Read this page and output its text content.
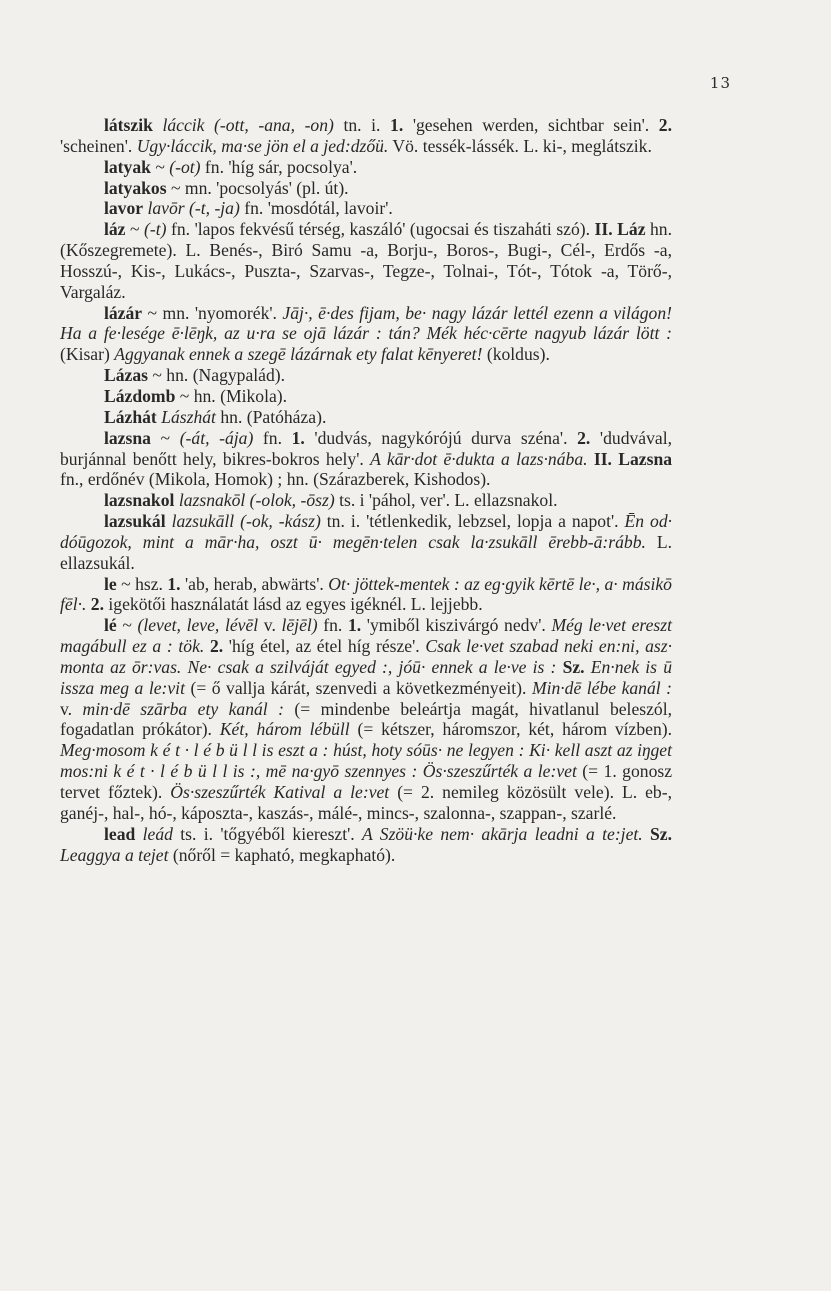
13

látszik láccik (-ott, -ana, -on) tn. i. 1. 'gesehen werden, sichtbar sein'. 2. 'scheinen'. Ugy·láccik, ma·se jön el a jed:dzőü. Vö. tessék-lássék. L. ki-, meglátszik.

latyak ~ (-ot) fn. 'híg sár, pocsolya'.

latyakos ~ mn. 'pocsolyás' (pl. út).

lavor lavōr (-t, -ja) fn. 'mosdótál, lavoir'.

láz ~ (-t) fn. 'lapos fekvésű térség, kaszáló' (ugocsai és tiszaháti szó). II. Láz hn. (Kőszegremete). L. Benés-, Biró Samu -a, Borju-, Boros-, Bugi-, Cél-, Erdős -a, Hosszú-, Kis-, Lukács-, Puszta-, Szarvas-, Tegze-, Tolnai-, Tót-, Tótok -a, Törő-, Vargaláz.

lázár ~ mn. 'nyomorék'. Jāj·, ē·des fijam, be· nagy lázár lettél ezenn a világon! Ha a fe·lesége ē·lēŋk, az u·ra se ojā lázár : tán? Mék héc·cērte nagyub lázár lött : (Kisar) Aggyanak ennek a szegē lázárnak ety falat kēnyeret! (koldus).

Lázas ~ hn. (Nagypalád).

Lázdomb ~ hn. (Mikola).

Lázhát Lászhát hn. (Patóháza).

lazsna ~ (-át, -ája) fn. 1. 'dudvás, nagykórójú durva széna'. 2. 'dudvával, burjánnal benőtt hely, bikres-bokros hely'. A kār·dot ē·dukta a lazs·nába. II. Lazsna fn., erdőnév (Mikola, Homok) ; hn. (Szárazberek, Kishodos).

lazsnakol lazsnakōl (-olok, -ōsz) ts. i 'páhol, ver'. L. ellazsnakol.

lazsukál lazsukāll (-ok, -kász) tn. i. 'tétlenkedik, lebzsel, lopja a napot'. Ēn od· dóūgozok, mint a mār·ha, oszt ū· megēn·telen csak la·zsukāll ērebb-ā:rább. L. ellazsukál.

le ~ hsz. 1. 'ab, herab, abwärts'. Ot· jöttek-mentek : az eg·gyik kērtē le·, a· másikō fēl·. 2. igekötői használatát lásd az egyes igéknél. L. lejjebb.

lé ~ (levet, leve, lévēl v. lējēl) fn. 1. 'ymiből kiszivárgó nedv'. Még le·vet ereszt magábull ez a : tök. 2. 'híg étel, az étel híg része'. Csak le·vet szabad neki en:ni, asz· monta az ōr:vas. Ne· csak a szilváját egyed :, jóū· ennek a le·ve is : Sz. En·nek is ū issza meg a le:vit (= ő vallja kárát, szenvedi a következményeit). Min·dē lébe kanál : v. min·dē szārba ety kanál : (= mindenbe beleártja magát, hivatlanul beleszól, fogadatlan prókátor). Két, három lébüll (= kétszer, háromszor, két, három vízben). Meg·mosom k é t · l é b ü l l is eszt a : húst, hoty sóūs· ne legyen : Ki· kell aszt az iŋget mos:ni k é t · l é b ü l l is :, mē na·gyō szennyes : Ös·szeszűrték a le:vet (= 1. gonosz tervet főztek). Ös·szeszűrték Katival a le:vet (= 2. nemileg közösült vele). L. eb-, ganéj-, hal-, hó-, káposzta-, kaszás-, málé-, mincs-, szalonna-, szappan-, szarlé.

lead leád ts. i. 'tőgyéből kiereszt'. A Szöü·ke nem· akārja leadni a te:jet. Sz. Leaggya a tejet (nőről = kapható, megkapható).
